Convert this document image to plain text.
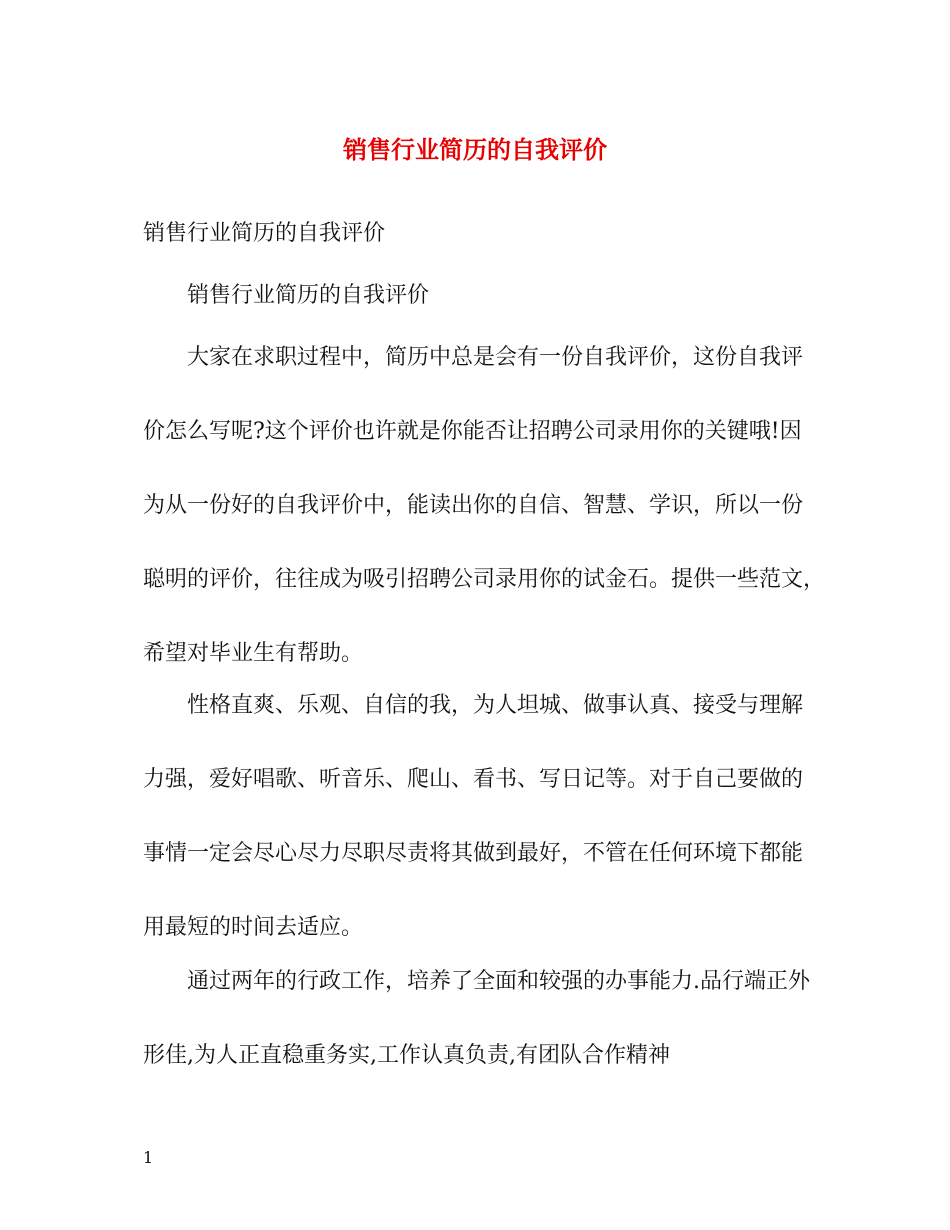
销售行业简历的自我评价

销售行业简历的自我评价

销售行业简历的自我评价

大家在求职过程中，简历中总是会有一份自我评价，这份自我评
价怎么写呢?这个评价也许就是你能否让招聘公司录用你的关键哦!因
为从一份好的自我评价中，能读出你的自信、智慧、学识，所以一份
聪明的评价，往往成为吸引招聘公司录用你的试金石。提供一些范文，
希望对毕业生有帮助。
性格直爽、乐观、自信的我，为人坦城、做事认真、接受与理解
力强，爱好唱歌、听音乐、爬山、看书、写日记等。对于自己要做的
事情一定会尽心尽力尽职尽责将其做到最好，不管在任何环境下都能
用最短的时间去适应。
通过两年的行政工作，培养了全面和较强的办事能力.品行端正外
形佳,为人正直稳重务实,工作认真负责,有团队合作精神

1
